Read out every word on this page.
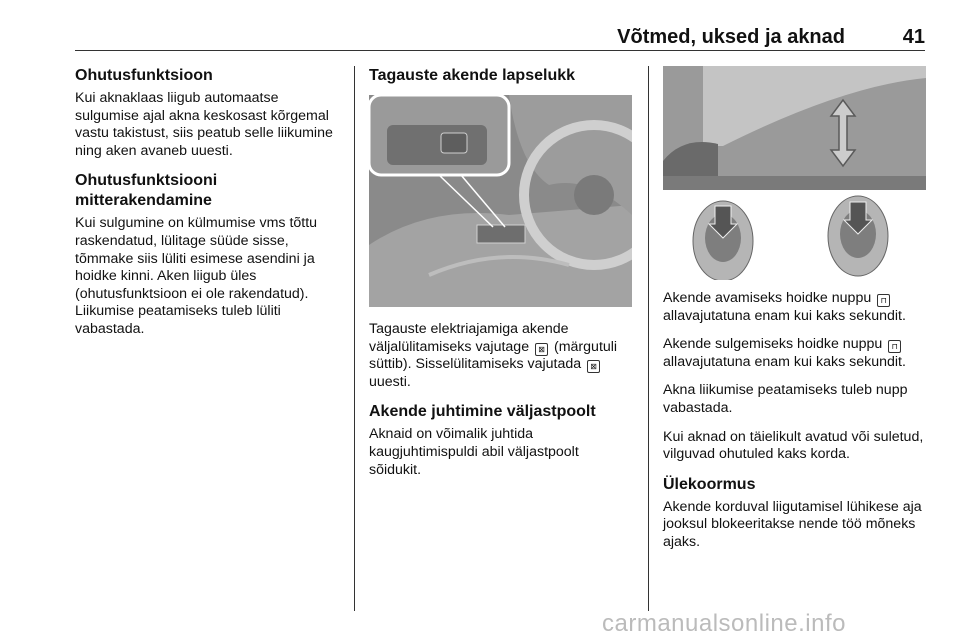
Võtmed, uksed ja aknad	41
Ohutusfunktsioon

Kui aknaklaas liigub automaatse sulgumise ajal akna keskosast kõrgemal vastu takistust, siis peatub selle liikumine ning aken avaneb uuesti.

Ohutusfunktsiooni mitterakendamine

Kui sulgumine on külmumise vms tõttu raskendatud, lülitage süüde sisse, tõmmake siis lüliti esimese asendini ja hoidke kinni. Aken liigub üles (ohutusfunktsioon ei ole rakendatud). Liikumise peatamiseks tuleb lüliti vabastada.

Tagauste akende lapselukk

Tagauste elektriajamiga akende väljalülitamiseks vajutage ⊠ (märgutuli süttib). Sisselülitamiseks vajutada ⊠ uuesti.

Akende juhtimine väljastpoolt

Aknaid on võimalik juhtida kaugjuhtimispuldi abil väljastpoolt sõidukit.

Akende avamiseks hoidke nuppu ⊓ allavajutatuna enam kui kaks sekundit.

Akende sulgemiseks hoidke nuppu ⊓ allavajutatuna enam kui kaks sekundit.

Akna liikumise peatamiseks tuleb nupp vabastada.

Kui aknad on täielikult avatud või suletud, vilguvad ohutuled kaks korda.

Ülekoormus

Akende korduval liigutamisel lühikese aja jooksul blokeeritakse nende töö mõneks ajaks.

carmanualsonline.info
